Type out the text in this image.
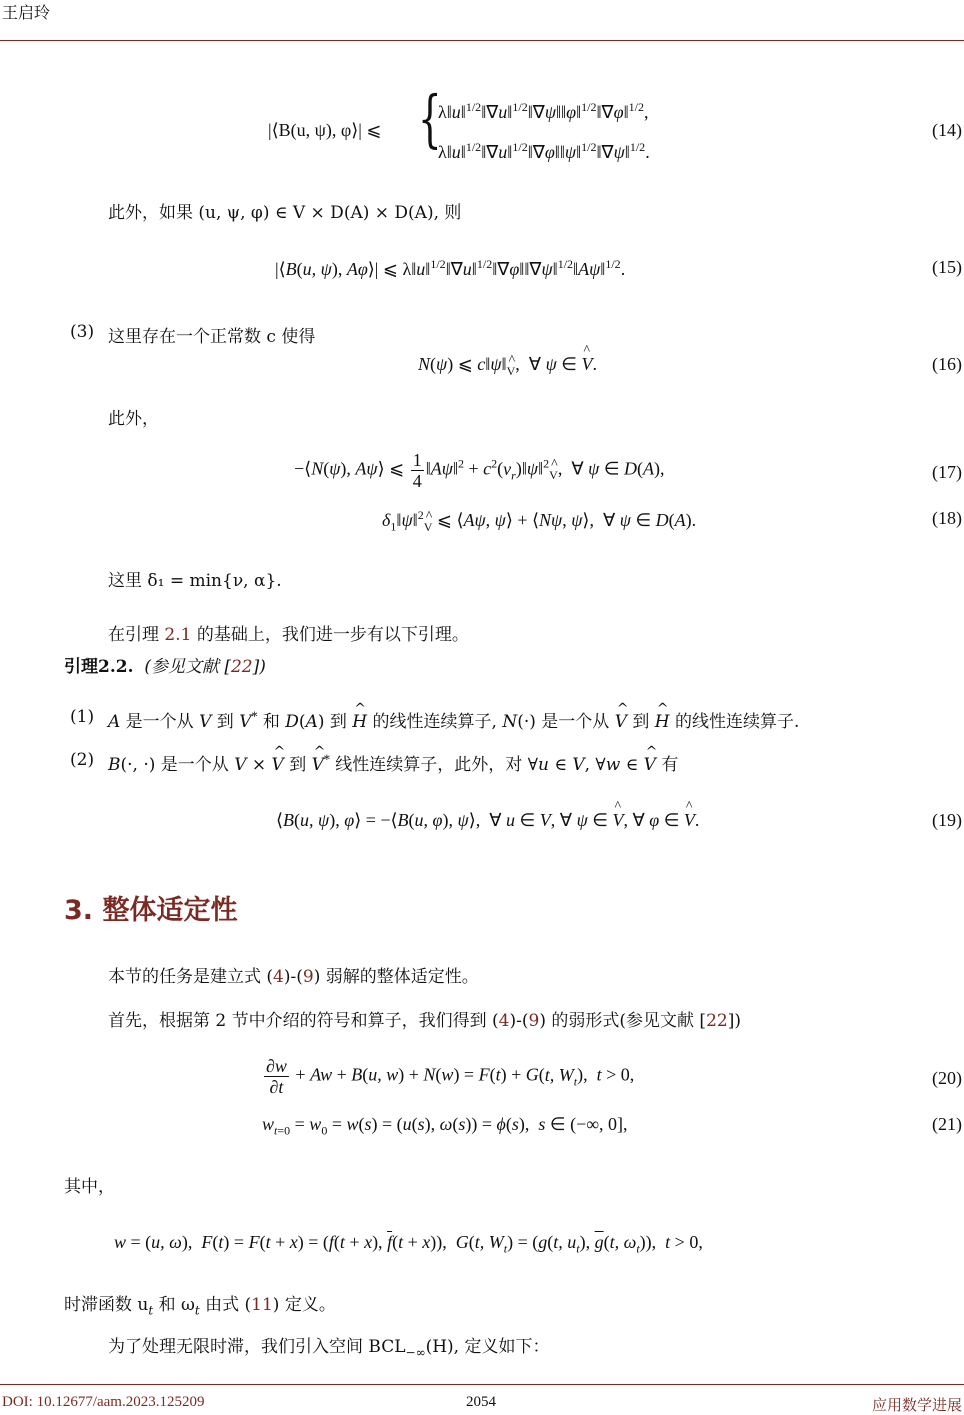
王启玲
DOI: 10.12677/aam.2023.125209	2054	应用数学进展
|⟨B(u, ψ), φ⟩| ⩽ {
λ‖u‖$^{1/2}$‖∇u‖$^{1/2}$‖∇ψ‖‖φ‖$^{1/2}$‖∇φ‖$^{1/2}$,
λ‖u‖$^{1/2}$‖∇u‖$^{1/2}$‖∇φ‖‖ψ‖$^{1/2}$‖∇ψ‖$^{1/2}$.
(14)
此外，如果 (u, ψ, φ) ∈ V × D(A) × D(A), 则
|⟨B(u, ψ), Aφ⟩| ⩽ λ‖u‖$^{1/2}$‖∇u‖$^{1/2}$‖∇φ‖‖∇ψ‖$^{1/2}$‖Aψ‖$^{1/2}$.	(15)
(3) 这里存在一个正常数 c 使得
N(ψ) ⩽ c‖ψ‖^ $_V$,  ∀ ψ ∈ ^ V.	(16)
此外，
−⟨N(ψ), Aψ⟩ ⩽ $\frac{1}{4}$ ‖Aψ‖$^2$ + $c^2(\nu_r)‖\psi‖^2\^{}$ $_V$,  ∀ ψ ∈ D(A),	(17)
$\delta_1‖\psi‖^2\^{}$ $_V$ ⩽ ⟨Aψ, ψ⟩ + ⟨Nψ, ψ⟩,  ∀ ψ ∈ D(A).	(18)
这里 δ₁ = min{ν, α}.
在引理 2.1 的基础上，我们进一步有以下引理。
引理2.2. (参见文献 [22])
(1) A 是一个从 V 到 V* 和 D(A) 到 ^ H 的线性连续算子, N(·) 是一个从 ^ V 到 ^ H 的线性连续算子.
(2) B(·, ·) 是一个从 V × ^ V 到 ^ V* 线性连续算子，此外，对 ∀u ∈ V, ∀w ∈ ^ V 有
⟨B(u, ψ), φ⟩ = −⟨B(u, φ), ψ⟩,  ∀ u ∈ V, ∀ ψ ∈ ^ V, ∀ φ ∈ ^ V.	(19)
3. 整体适定性
本节的任务是建立式 (4)-(9) 弱解的整体适定性。
首先，根据第 2 节中介绍的符号和算子，我们得到 (4)-(9) 的弱形式(参见文献 [22])
$\frac{\partial w}{\partial t} + Aw + B(u$, w) + N(w) = F(t) + G(t, $W_t$),  t > 0,	(20)
$w_{t=0} = w_0 = w(s) = (u(s)$, ω(s)) = ϕ(s),  s ∈ (−∞, 0],	(21)
其中，
w = (u, ω),  F(t) = F(t + x) = (f(t + x), $\overline{f}(t + x)$),  G(t, $W_t) = (g(t$, $u_t$), $\overline{g}(t$, $\omega_t$)),  t > 0,
时滞函数 $u_t$ 和 $\omega_t$ 由式 (11) 定义。
为了处理无限时滞，我们引入空间 $BCL_{-\infty}(H)$, 定义如下：
